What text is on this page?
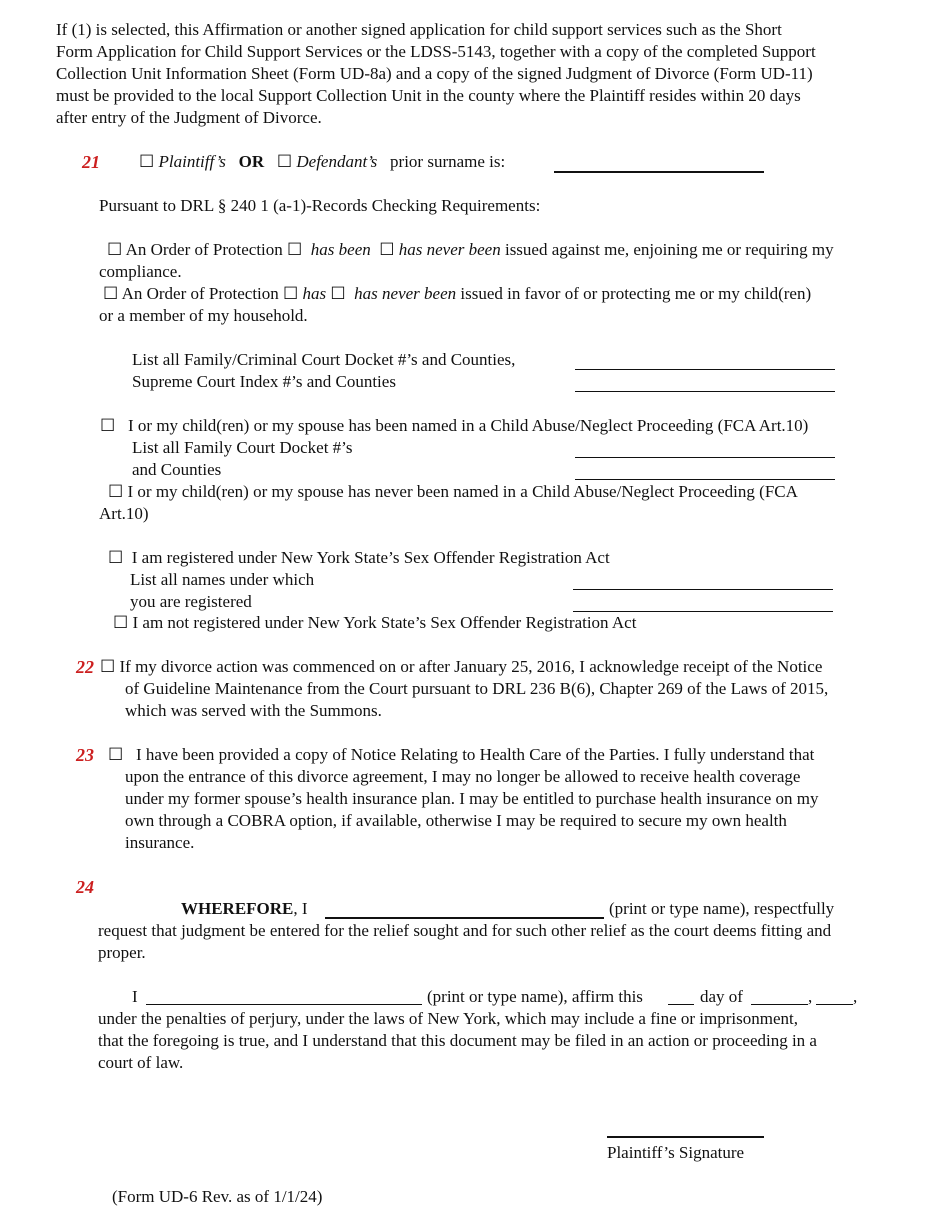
If (1) is selected, this Affirmation or another signed application for child support services such as the Short
Form Application for Child Support Services or the LDSS-5143, together with a copy of the completed Support
Collection Unit Information Sheet (Form UD-8a) and a copy of the signed Judgment of Divorce (Form UD-11)
must be provided to the local Support Collection Unit in the county where the Plaintiff resides within 20 days
after entry of the Judgment of Divorce.
21 ☐ Plaintiff’s OR ☐ Defendant’s prior surname is:
Pursuant to DRL § 240 1 (a-1)-Records Checking Requirements:
☐ An Order of Protection ☐ has been ☐ has never been issued against me, enjoining me or requiring my
compliance.
☐ An Order of Protection ☐ has ☐ has never been issued in favor of or protecting me or my child(ren)
or a member of my household.
List all Family/Criminal Court Docket #’s and Counties,
Supreme Court Index #’s and Counties
☐ I or my child(ren) or my spouse has been named in a Child Abuse/Neglect Proceeding (FCA Art.10)
List all Family Court Docket #’s
and Counties
☐ I or my child(ren) or my spouse has never been named in a Child Abuse/Neglect Proceeding (FCA
Art.10)
☐ I am registered under New York State’s Sex Offender Registration Act
List all names under which
you are registered
☐ I am not registered under New York State’s Sex Offender Registration Act
22 ☐ If my divorce action was commenced on or after January 25, 2016, I acknowledge receipt of the Notice
of Guideline Maintenance from the Court pursuant to DRL 236 B(6), Chapter 269 of the Laws of 2015,
which was served with the Summons.
23 ☐ I have been provided a copy of Notice Relating to Health Care of the Parties. I fully understand that
upon the entrance of this divorce agreement, I may no longer be allowed to receive health coverage
under my former spouse’s health insurance plan. I may be entitled to purchase health insurance on my
own through a COBRA option, if available, otherwise I may be required to secure my own health
insurance.
24
WHEREFORE, I	(print or type name), respectfully
request that judgment be entered for the relief sought and for such other relief as the court deems fitting and
proper.
I	(print or type name), affirm this	day of	, ,
under the penalties of perjury, under the laws of New York, which may include a fine or imprisonment,
that the foregoing is true, and I understand that this document may be filed in an action or proceeding in a
court of law.
Plaintiff’s Signature
(Form UD-6 Rev. as of 1/1/24)
